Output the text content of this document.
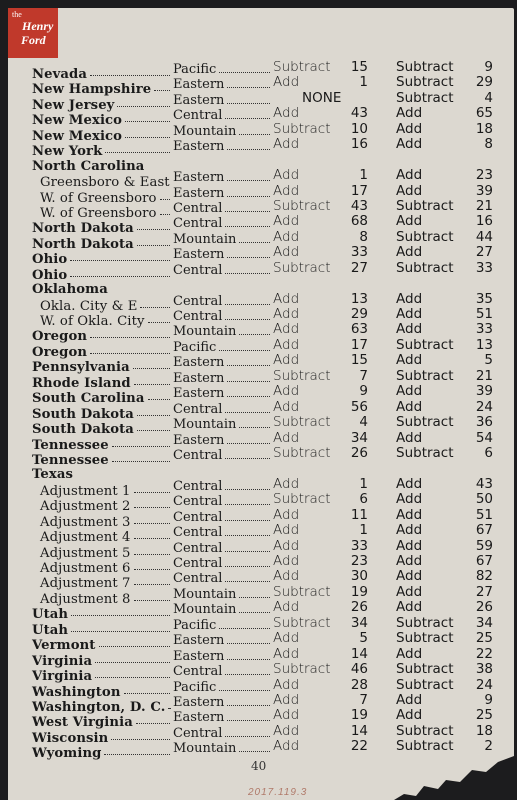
the
Henry
Ford
Nevada	Pacific	Subtract	15 Subtract	9
New Hampshire Eastern	Add	1 Subtract	29
New Jersey	Eastern	NONE	Subtract	4
New Mexico	Central	Add	43 Add	65
New Mexico	Mountain	Subtract	10 Add	18
New York	Eastern	Add	16 Add	8
North Carolina
Greensboro & East Eastern	Add	1 Add	23
W. of Greensboro Eastern	Add	17 Add	39
W. of Greensboro Central	Subtract	43 Subtract	21
North Dakota	Central	Add	68 Add	16
North Dakota	Mountain	Add	8 Subtract	44
Ohio	Eastern	Add	33 Add	27
Ohio	Central	Subtract	27 Subtract	33
Oklahoma
Okla. City & E	Central	Add	13 Add	35
W. of Okla. City Central	Add	29 Add	51
Oregon	Mountain	Add	63 Add	33
Oregon	Pacific	Add	17 Subtract	13
Pennsylvania	Eastern	Add	15 Add	5
Rhode Island	Eastern	Subtract	7 Subtract	21
South Carolina Eastern	Add	9 Add	39
South Dakota	Central	Add	56 Add	24
South Dakota	Mountain	Subtract	4 Subtract	36
Tennessee	Eastern	Add	34 Add	54
Tennessee	Central	Subtract	26 Subtract	6
Texas
Adjustment 1	Central	Add	1 Add	43
Adjustment 2	Central	Subtract	6 Add	50
Adjustment 3	Central	Add	11 Add	51
Adjustment 4	Central	Add	1 Add	67
Adjustment 5	Central	Add	33 Add	59
Adjustment 6	Central	Add	23 Add	67
Adjustment 7	Central	Add	30 Add	82
Adjustment 8	Mountain	Subtract	19 Add	27
Utah	Mountain	Add	26 Add	26
Utah	Pacific	Subtract	34 Subtract	34
Vermont	Eastern	Add	5 Subtract	25
Virginia	Eastern	Add	14 Add	22
Virginia	Central	Subtract	46 Subtract	38
Washington	Pacific	Add	28 Subtract	24
Washington, D. C. Eastern	Add	7 Add	9
West Virginia	Eastern	Add	19 Add	25
Wisconsin	Central	Add	14 Subtract	18
Wyoming	Mountain	Add	22 Subtract	2
40
2017.119.3
